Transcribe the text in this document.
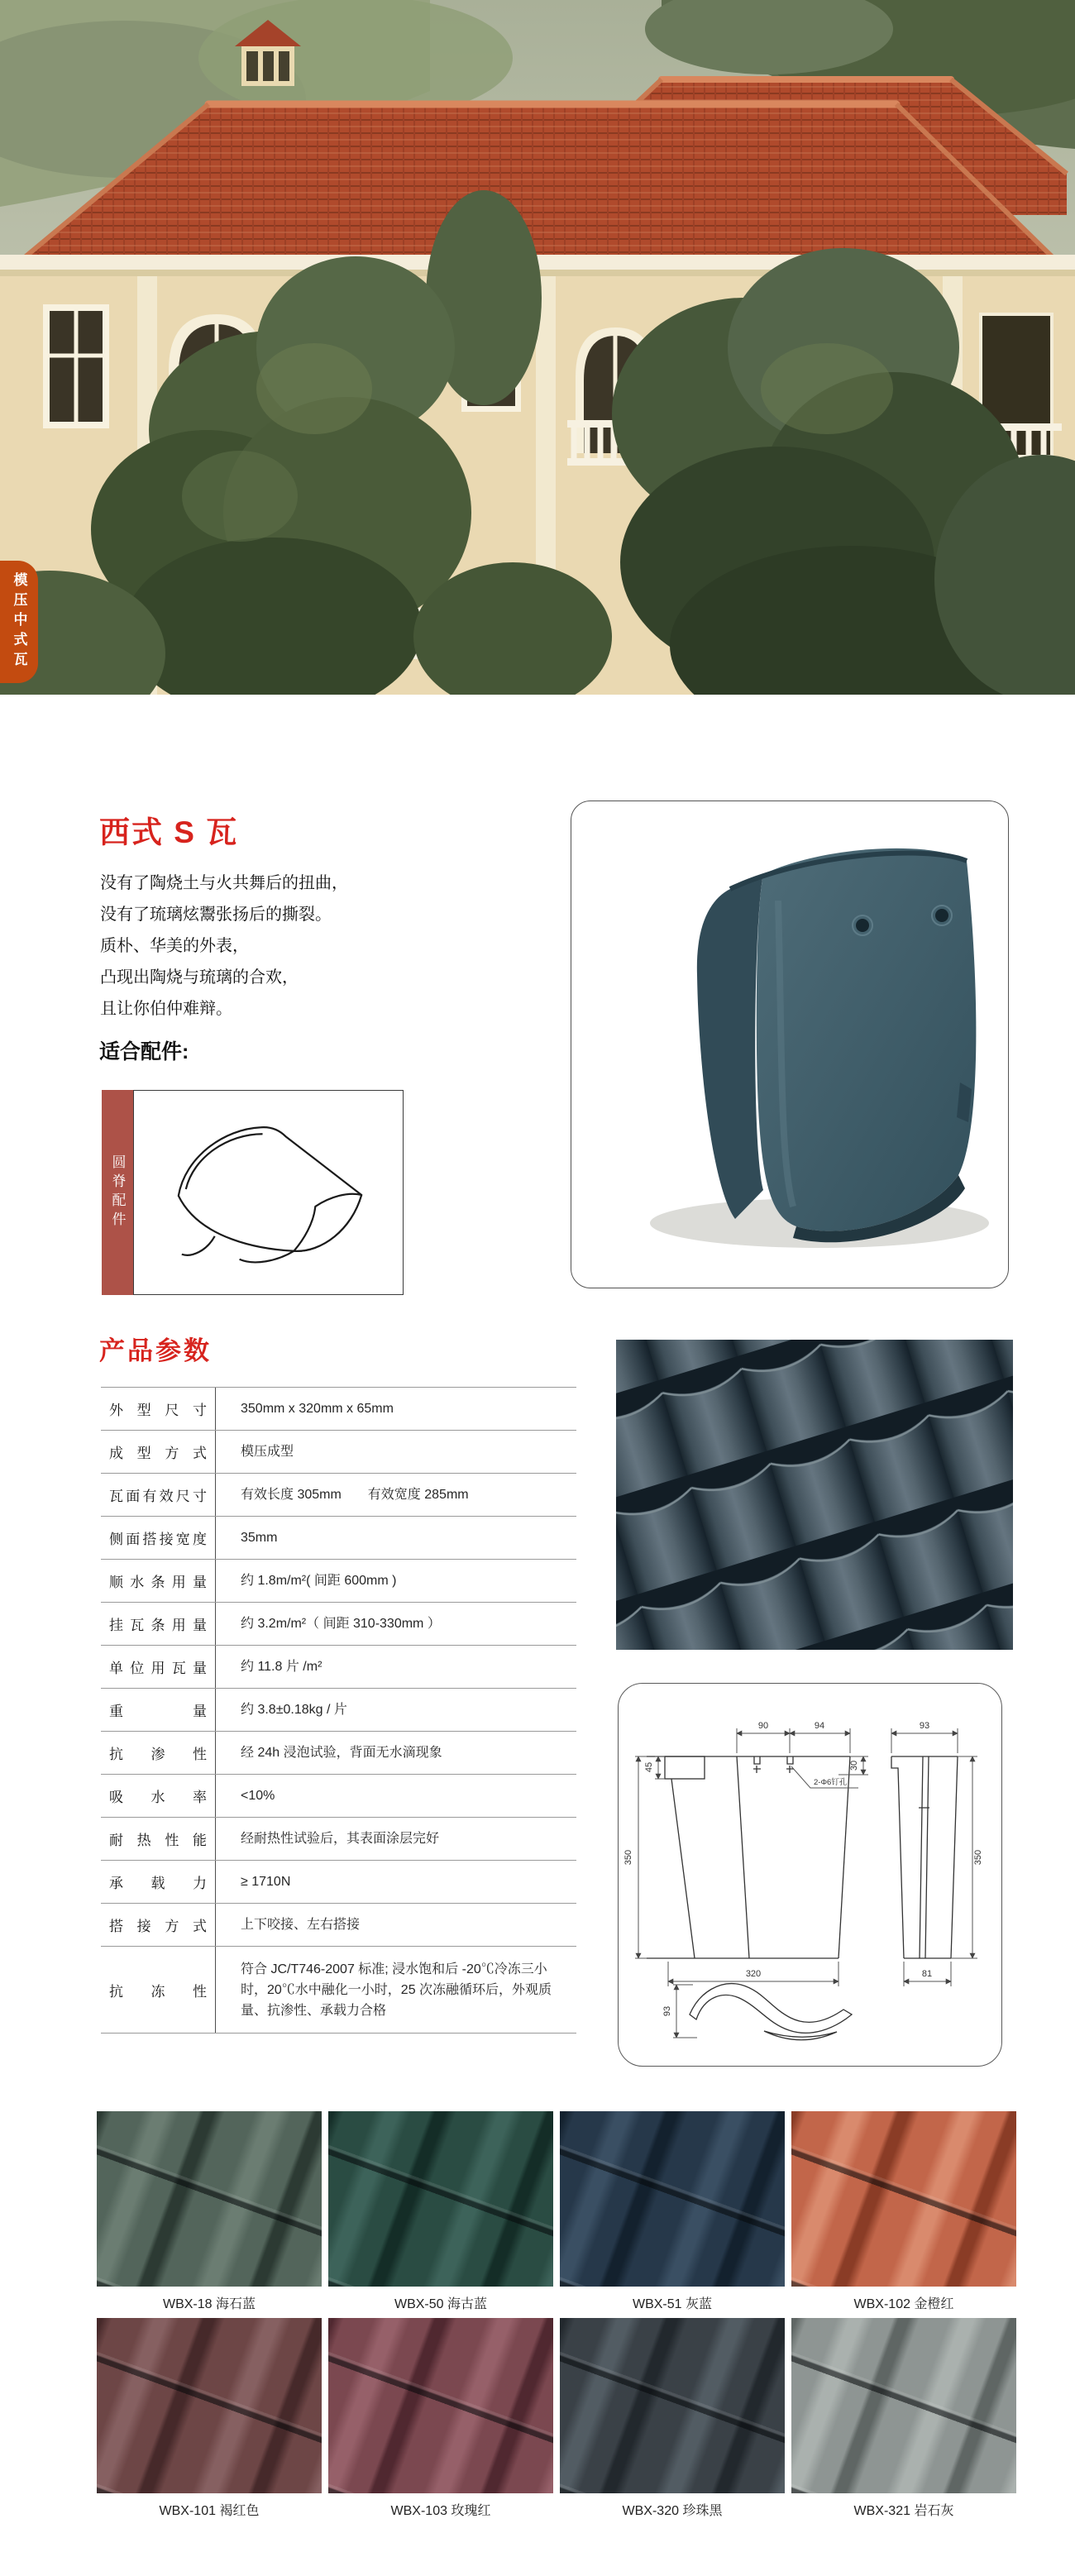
模压中式瓦
西式 S 瓦
没有了陶烧土与火共舞后的扭曲，
没有了琉璃炫鬻张扬后的撕裂。
质朴、华美的外表，
凸现出陶烧与琉璃的合欢，
且让你伯仲难辩。
适合配件:
圆脊配件
产品参数
外型尺寸	350mm x 320mm x 65mm
成型方式	模压成型
瓦面有效尺寸	有效长度 305mm　　有效宽度 285mm
侧面搭接宽度	35mm
顺水条用量	约 1.8m/m²( 间距 600mm )
挂瓦条用量	约 3.2m/m²（ 间距 310-330mm ）
单位用瓦量	约 11.8 片 /m²
重量	约 3.8±0.18kg / 片
抗渗性	经 24h 浸泡试验，背面无水滴现象
吸水率	<10%
耐热性能	经耐热性试验后，其表面涂层完好
承载力	≥ 1710N
搭接方式	上下咬接、左右搭接
抗冻性
符合 JC/T746-2007 标准; 浸水饱和后 -20℃冷冻三小时，20℃水中融化一小时，25 次冻融循环后，外观质量、抗渗性、承载力合格
90	94	93
45
350
30
320
350
81
93
2-Φ6钉孔
WBX-18 海石蓝	WBX-50 海古蓝	WBX-51 灰蓝	WBX-102 金橙红
WBX-101 褐红色	WBX-103 玫瑰红	WBX-320 珍珠黑	WBX-321 岩石灰
